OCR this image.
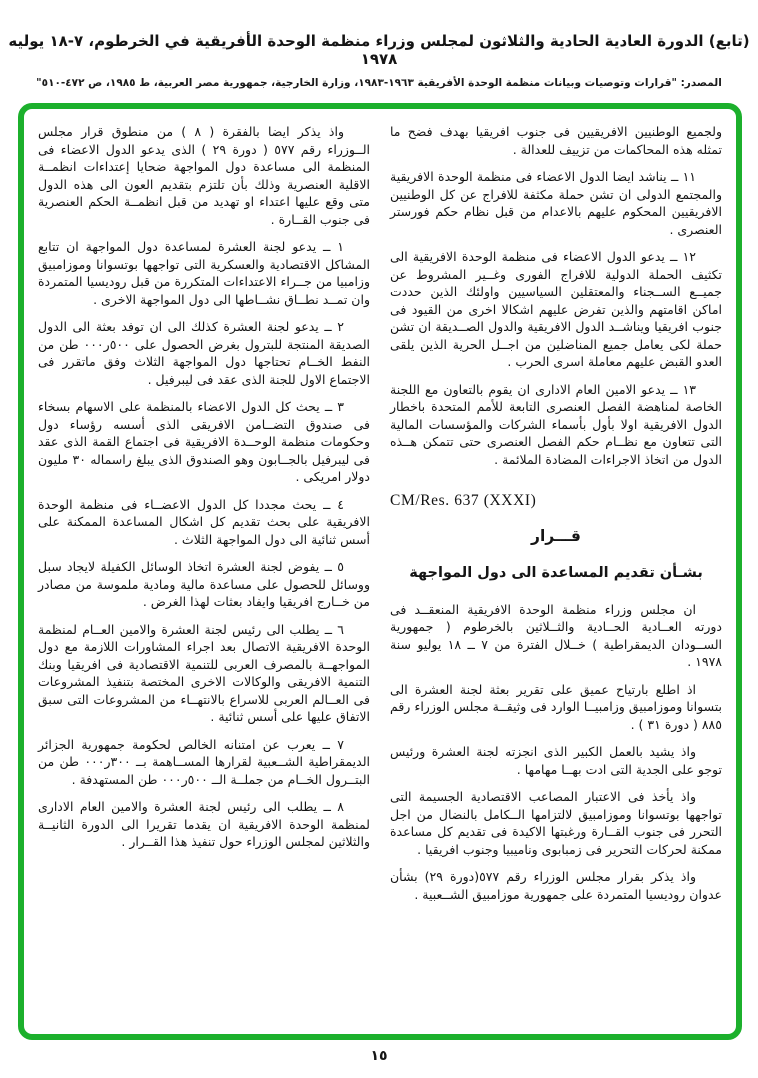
(تابع) الدورة العادية الحادية والثلاثون لمجلس وزراء منظمة الوحدة الأفريقية في الخرطوم، ٧-١٨ يوليه ١٩٧٨
المصدر: "قرارات وتوصيات وبيانات منظمة الوحدة الأفريقية ١٩٦٣-١٩٨٣، وزارة الخارجية، جمهورية مصر العربية، ط ١٩٨٥، ص ٤٧٢-٥١٠"

ولجميع الوطنيين الافريقيين فى جنوب افريقيا بهدف فضح ما تمثله هذه المحاكمات من تزييف للعدالة .

١١ ــ يناشد ايضا الدول الاعضاء فى منظمة الوحدة الافريقية والمجتمع الدولى ان تشن حملة مكثفة للافراج عن كل الوطنيين الافريقيين المحكوم عليهم بالاعدام من قبل نظام حكم فورستر العنصرى .

١٢ ــ يدعو الدول الاعضاء فى منظمة الوحدة الافريقية الى تكثيف الحملة الدولية للافراج الفورى وغــير المشروط عن جميــع الســجناء والمعتقلين السياسيين واولئك الذين حددت اماكن اقامتهم والذين تفرض عليهم اشكالا اخرى من القيود فى جنوب افريقيا ويناشــد الدول الافريقية والدول الصــديقة ان تشن حملة لكى يعامل جميع المناضلين من اجــل الحرية الذين يلقى العدو القبض عليهم معاملة اسرى الحرب .

١٣ ــ يدعو الامين العام الادارى ان يقوم بالتعاون مع اللجنة الخاصة لمناهضة الفصل العنصرى التابعة للأمم المتحدة باخطار الدول الافريقية اولا بأول بأسماء الشركات والمؤسسات المالية التى تتعاون مع نظــام حكم الفصل العنصرى حتى تتمكن هــذه الدول من اتخاذ الاجراءات المضادة الملائمة .

CM/Res. 637 (XXXI)
قـــرار
بشـأن تقديم المساعدة الى دول المواجهة

ان مجلس وزراء منظمة الوحدة الافريقية المنعقــد فى دورته العــادية الحــادية والثــلاثين بالخرطوم ( جمهورية الســودان الديمقراطية ) خــلال الفترة من ٧ ــ ١٨ يوليو سنة ١٩٧٨ .

اذ اطلع بارتياح عميق على تقرير بعثة لجنة العشرة الى بتسوانا وموزامبيق وزامبيــا الوارد فى وثيقــة مجلس الوزراء رقم ٨٨٥ ( دورة ٣١ ) .

واذ يشيد بالعمل الكبير الذى انجزته لجنة العشرة ورئيس توجو على الجدية التى ادت بهــا مهامها .

واذ يأخذ فى الاعتبار المصاعب الاقتصادية الجسيمة التى تواجهها بوتسوانا وموزامبيق لالتزامها الــكامل بالنضال من اجل التحرر فى جنوب القــارة ورغبتها الاكيدة فى تقديم كل مساعدة ممكنة لحركات التحرير فى زمبابوى وناميبيا وجنوب افريقيا .

واذ يذكر بقرار مجلس الوزراء رقم ٥٧٧(دورة ٢٩) بشأن عدوان روديسيا المتمردة على جمهورية موزامبيق الشــعبية .

واذ يذكر ايضا بالفقرة ( ٨ ) من منطوق قرار مجلس الــوزراء رقم ٥٧٧ ( دورة ٢٩ ) الذى يدعو الدول الاعضاء فى المنظمة الى مساعدة دول المواجهة ضحايا إعتداءات انظمــة الاقلية العنصرية وذلك بأن تلتزم بتقديم العون الى هذه الدول متى وقع عليها اعتداء او تهديد من قبل انظمــة الحكم العنصرية فى جنوب القــارة .

١ ــ يدعو لجنة العشرة لمساعدة دول المواجهة ان تتابع المشاكل الاقتصادية والعسكرية التى تواجهها بوتسوانا وموزامبيق وزامبيا من جــراء الاعتداءات المتكررة من قبل روديسيا المتمردة وان تمــد نطــاق نشــاطها الى دول المواجهة الاخرى .

٢ ــ يدعو لجنة العشرة كذلك الى ان توفد بعثة الى الدول الصديقة المنتجة للبترول بغرض الحصول على ٥٠٠ر٠٠٠ طن من النفط الخــام تحتاجها دول المواجهة الثلاث وفق ماتقرر فى الاجتماع الاول للجنة الذى عقد فى ليبرفيل .

٣ ــ يحث كل الدول الاعضاء بالمنظمة على الاسهام بسخاء فى صندوق التضــامن الافريقى الذى أسسه رؤساء دول وحكومات منظمة الوحــدة الافريقية فى اجتماع القمة الذى عقد فى ليبرفيل بالجــابون وهو الصندوق الذى يبلغ راسماله ٣٠ مليون دولار امريكى .

٤ ــ يحث مجددا كل الدول الاعضــاء فى منظمة الوحدة الافريقية على بحث تقديم كل اشكال المساعدة الممكنة على أسس ثنائية الى دول المواجهة الثلاث .

٥ ــ يفوض لجنة العشرة اتخاذ الوسائل الكفيلة لايجاد سبل ووسائل للحصول على مساعدة مالية ومادية ملموسة من مصادر من خــارج افريقيا وايفاد بعثات لهذا الغرض .

٦ ــ يطلب الى رئيس لجنة العشرة والامين العــام لمنظمة الوحدة الافريقية الاتصال بعد اجراء المشاورات اللازمة مع دول المواجهــة بالمصرف العربى للتنمية الاقتصادية فى افريقيا وبنك التنمية الافريقى والوكالات الاخرى المختصة بتنفيذ المشروعات فى العــالم العربى للاسراع بالانتهــاء من المشروعات التى سبق الاتفاق عليها على أسس ثنائية .

٧ ــ يعرب عن امتنانه الخالص لحكومة جمهورية الجزائر الديمقراطية الشــعبية لقرارها المســاهمة بــ ٣٠٠ر٠٠٠ طن من البتــرول الخــام من جملــة الــ ٥٠٠ر٠٠٠ طن المستهدفة .

٨ ــ يطلب الى رئيس لجنة العشرة والامين العام الادارى لمنظمة الوحدة الافريقية ان يقدما تقريرا الى الدورة الثانيــة والثلاثين لمجلس الوزراء حول تنفيذ هذا القــرار .

١٥
